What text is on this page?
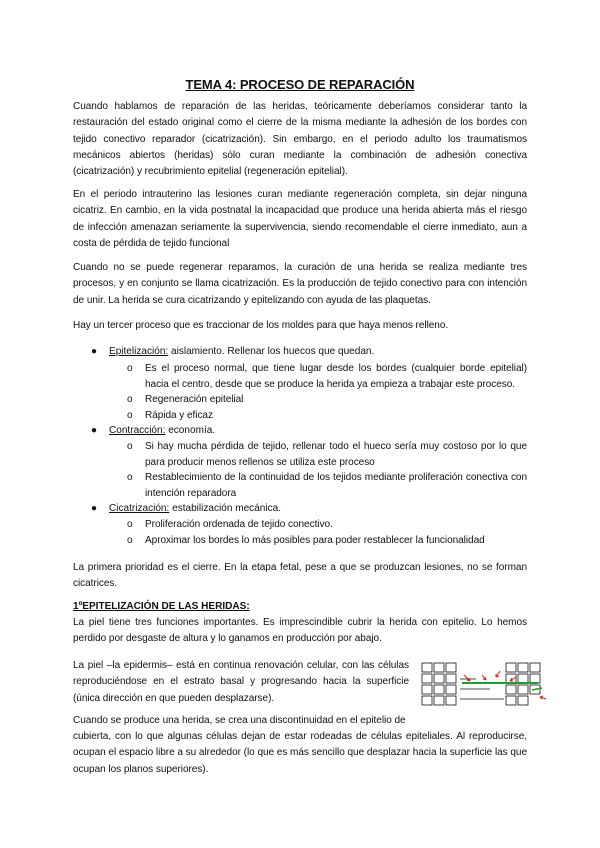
TEMA 4: PROCESO DE REPARACIÓN
Cuando hablamos de reparación de las heridas, teóricamente deberíamos considerar tanto la restauración del estado original como el cierre de la misma mediante la adhesión de los bordes con tejido conectivo reparador (cicatrización). Sin embargo, en el periodo adulto los traumatismos mecánicos abiertos (heridas) sólo curan mediante la combinación de adhesión conectiva (cicatrización) y recubrimiento epitelial (regeneración epitelial).
En el periodo intrauterino las lesiones curan mediante regeneración completa, sin dejar ninguna cicatriz. En cambio, en la vida postnatal la incapacidad que produce una herida abierta más el riesgo de infección amenazan seriamente la supervivencia, siendo recomendable el cierre inmediato, aun a costa de pérdida de tejido funcional
Cuando no se puede regenerar reparamos, la curación de una herida se realiza mediante tres procesos, y en conjunto se llama cicatrización. Es la producción de tejido conectivo para con intención de unir. La herida se cura cicatrizando y epitelizando con ayuda de las plaquetas.
Hay un tercer proceso que es traccionar de los moldes para que haya menos relleno.
● Epitelización: aislamiento. Rellenar los huecos que quedan.
o Es el proceso normal, que tiene lugar desde los bordes (cualquier borde epitelial) hacia el centro, desde que se produce la herida ya empieza a trabajar este proceso.
o Regeneración epitelial
o Rápida y eficaz
● Contracción: economía.
o Si hay mucha pérdida de tejido, rellenar todo el hueco sería muy costoso por lo que para producir menos rellenos se utiliza este proceso
o Restablecimiento de la continuidad de los tejidos mediante proliferación conectiva con intención reparadora
● Cicatrización: estabilización mecánica.
o Proliferación ordenada de tejido conectivo.
o Aproximar los bordes lo más posibles para poder restablecer la funcionalidad
La primera prioridad es el cierre. En la etapa fetal, pese a que se produzcan lesiones, no se forman cicatrices.
1ºEPITELIZACIÓN DE LAS HERIDAS:
La piel tiene tres funciones importantes. Es imprescindible cubrir la herida con epitelio. Lo hemos perdido por desgaste de altura y lo ganamos en producción por abajo.
La piel –la epidermis– está en continua renovación celular, con las células reproduciéndose en el estrato basal y progresando hacia la superficie (única dirección en que pueden desplazarse).
Cuando se produce una herida, se crea una discontinuidad en el epitelio de
cubierta, con lo que algunas células dejan de estar rodeadas de células epiteliales. Al reproducirse, ocupan el espacio libre a su alrededor (lo que es más sencillo que desplazar hacia la superficie las que ocupan los planos superiores).
